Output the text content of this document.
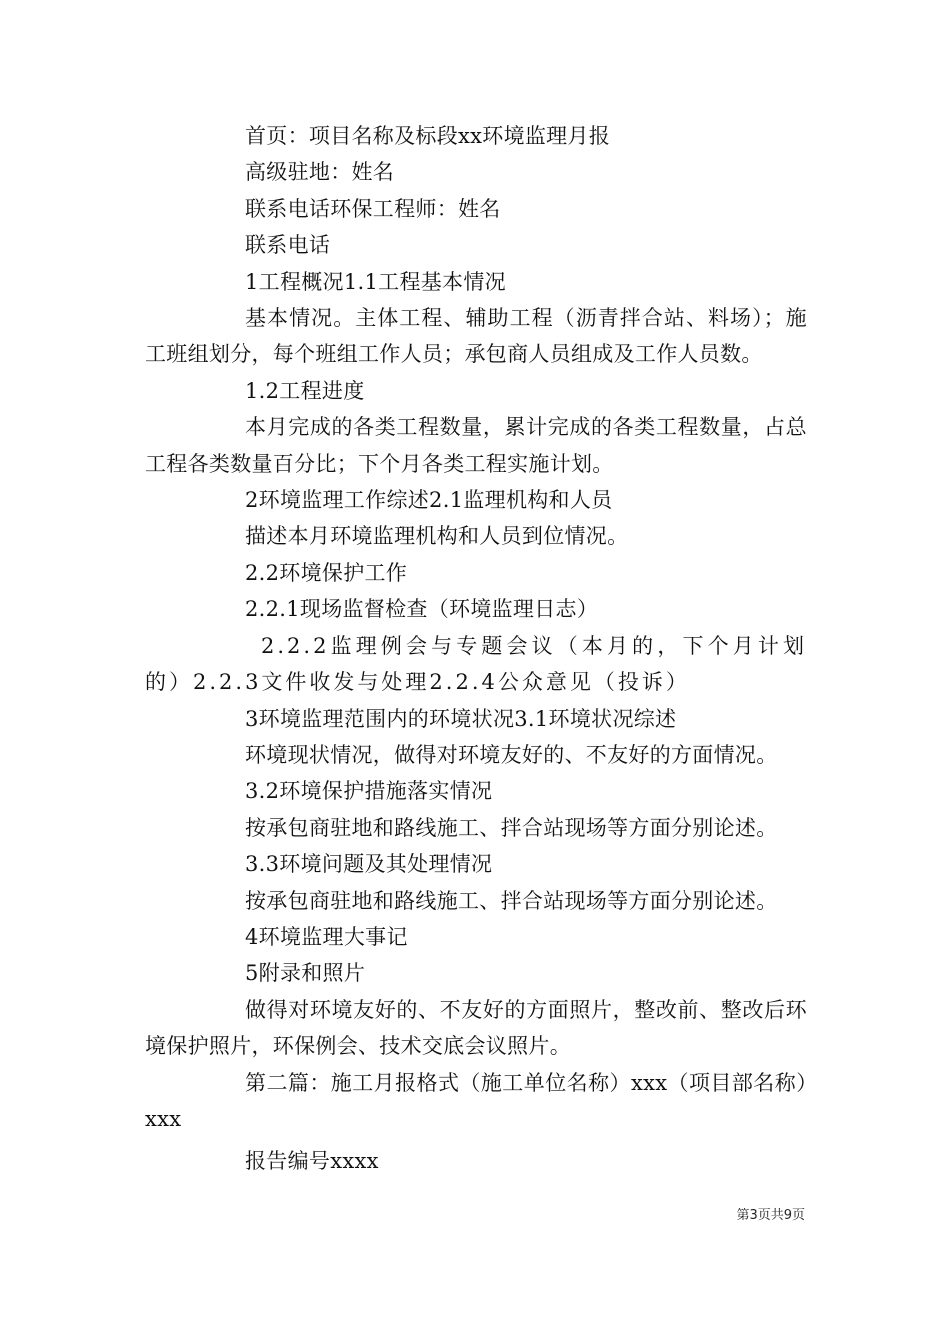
首页：项目名称及标段xx环境监理月报

高级驻地：姓名

联系电话环保工程师：姓名

联系电话

1工程概况1.1工程基本情况

基本情况。主体工程、辅助工程（沥青拌合站、料场）；施工班组划分，每个班组工作人员；承包商人员组成及工作人员数。

1.2工程进度

本月完成的各类工程数量，累计完成的各类工程数量，占总工程各类数量百分比；下个月各类工程实施计划。

2环境监理工作综述2.1监理机构和人员

描述本月环境监理机构和人员到位情况。

2.2环境保护工作

2.2.1现场监督检查（环境监理日志）

2.2.2监理例会与专题会议（本月的，下个月计划的）2.2.3文件收发与处理2.2.4公众意见（投诉）

3环境监理范围内的环境状况3.1环境状况综述

环境现状情况，做得对环境友好的、不友好的方面情况。

3.2环境保护措施落实情况

按承包商驻地和路线施工、拌合站现场等方面分别论述。

3.3环境问题及其处理情况

按承包商驻地和路线施工、拌合站现场等方面分别论述。

4环境监理大事记

5附录和照片

做得对环境友好的、不友好的方面照片，整改前、整改后环境保护照片，环保例会、技术交底会议照片。

第二篇：施工月报格式（施工单位名称）xxx（项目部名称）xxx

报告编号xxxx

第3页共9页
